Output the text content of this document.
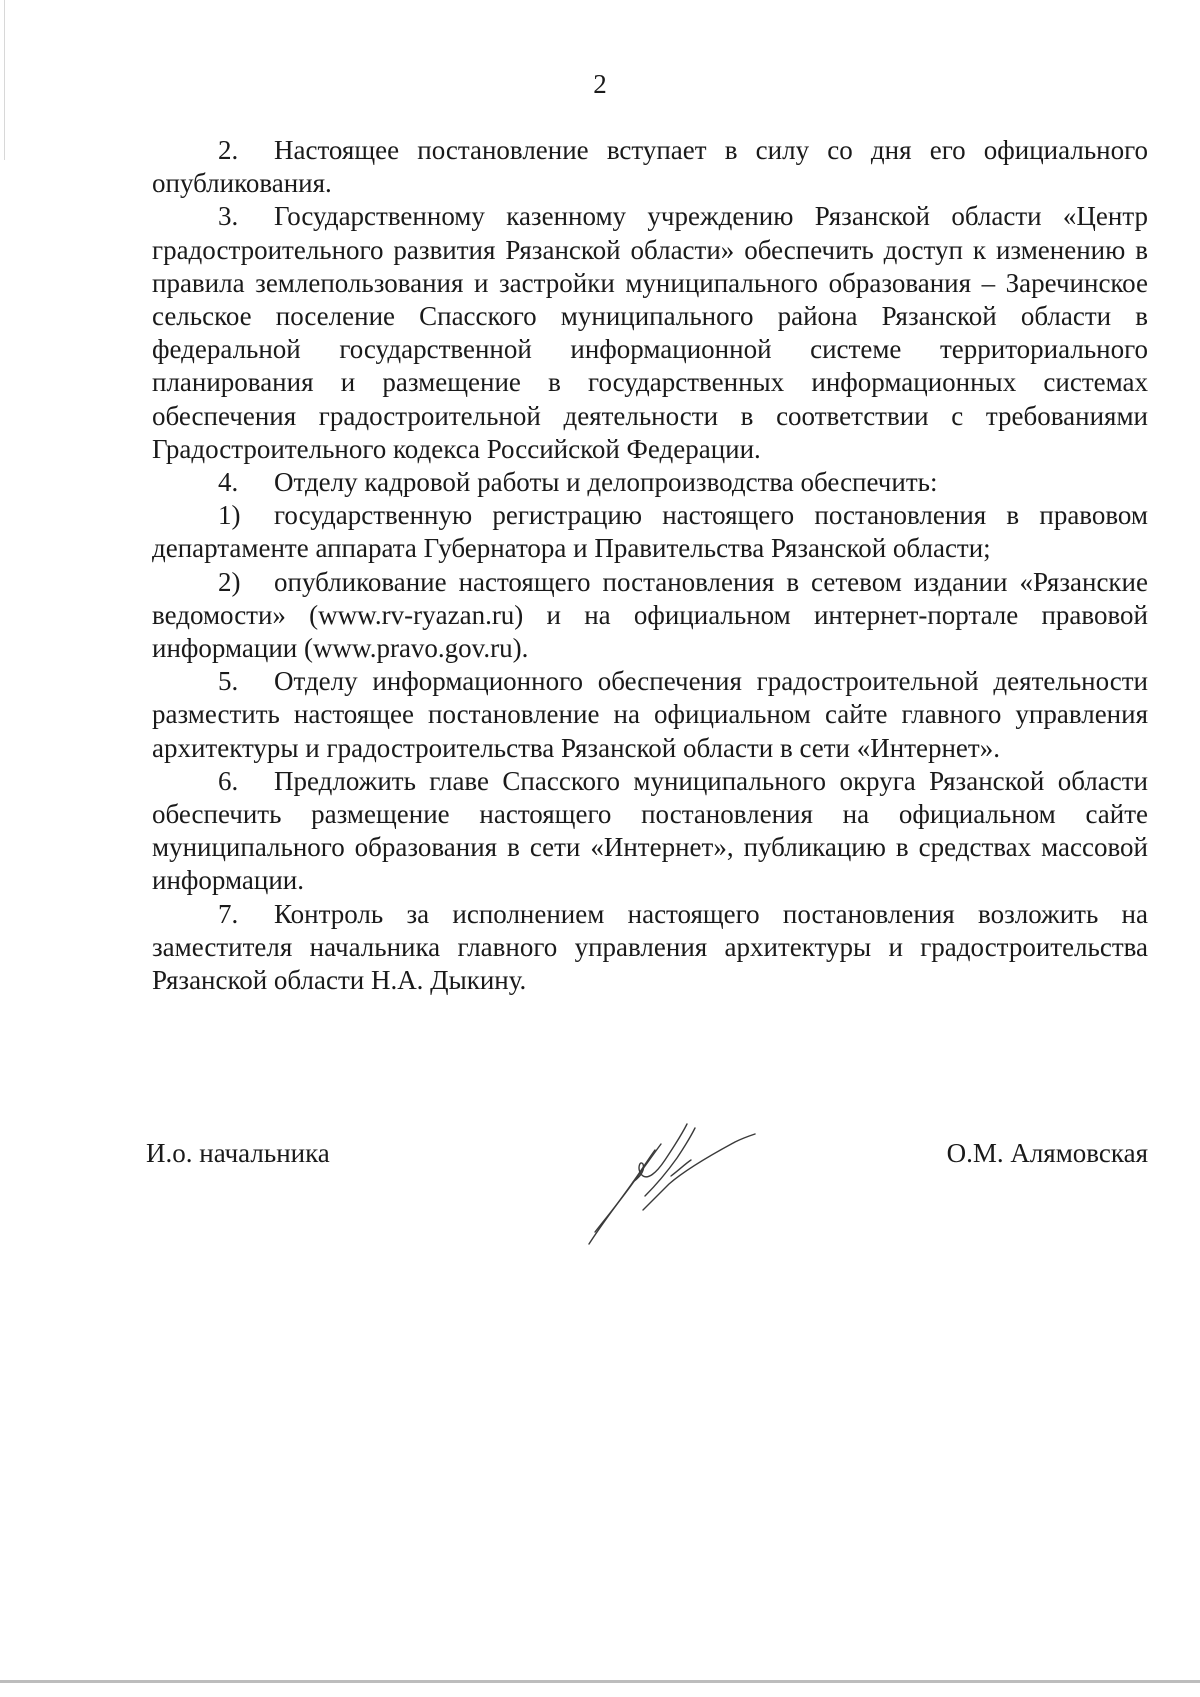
2

2. Настоящее постановление вступает в силу со дня его официального опубликования.

3. Государственному казенному учреждению Рязанской области «Центр градостроительного развития Рязанской области» обеспечить доступ к изменению в правила землепользования и застройки муниципального образования – Заречинское сельское поселение Спасского муниципального района Рязанской области в федеральной государственной информационной системе территориального планирования и размещение в государственных информационных системах обеспечения градостроительной деятельности в соответствии с требованиями Градостроительного кодекса Российской Федерации.

4. Отделу кадровой работы и делопроизводства обеспечить:

1) государственную регистрацию настоящего постановления в правовом департаменте аппарата Губернатора и Правительства Рязанской области;

2) опубликование настоящего постановления в сетевом издании «Рязанские ведомости» (www.rv-ryazan.ru) и на официальном интернет-портале правовой информации (www.pravo.gov.ru).

5. Отделу информационного обеспечения градостроительной деятельности разместить настоящее постановление на официальном сайте главного управления архитектуры и градостроительства Рязанской области в сети «Интернет».

6. Предложить главе Спасского муниципального округа Рязанской области обеспечить размещение настоящего постановления на официальном сайте муниципального образования в сети «Интернет», публикацию в средствах массовой информации.

7. Контроль за исполнением настоящего постановления возложить на заместителя начальника главного управления архитектуры и градостроительства Рязанской области Н.А. Дыкину.

И.о. начальника	О.М. Алямовская
